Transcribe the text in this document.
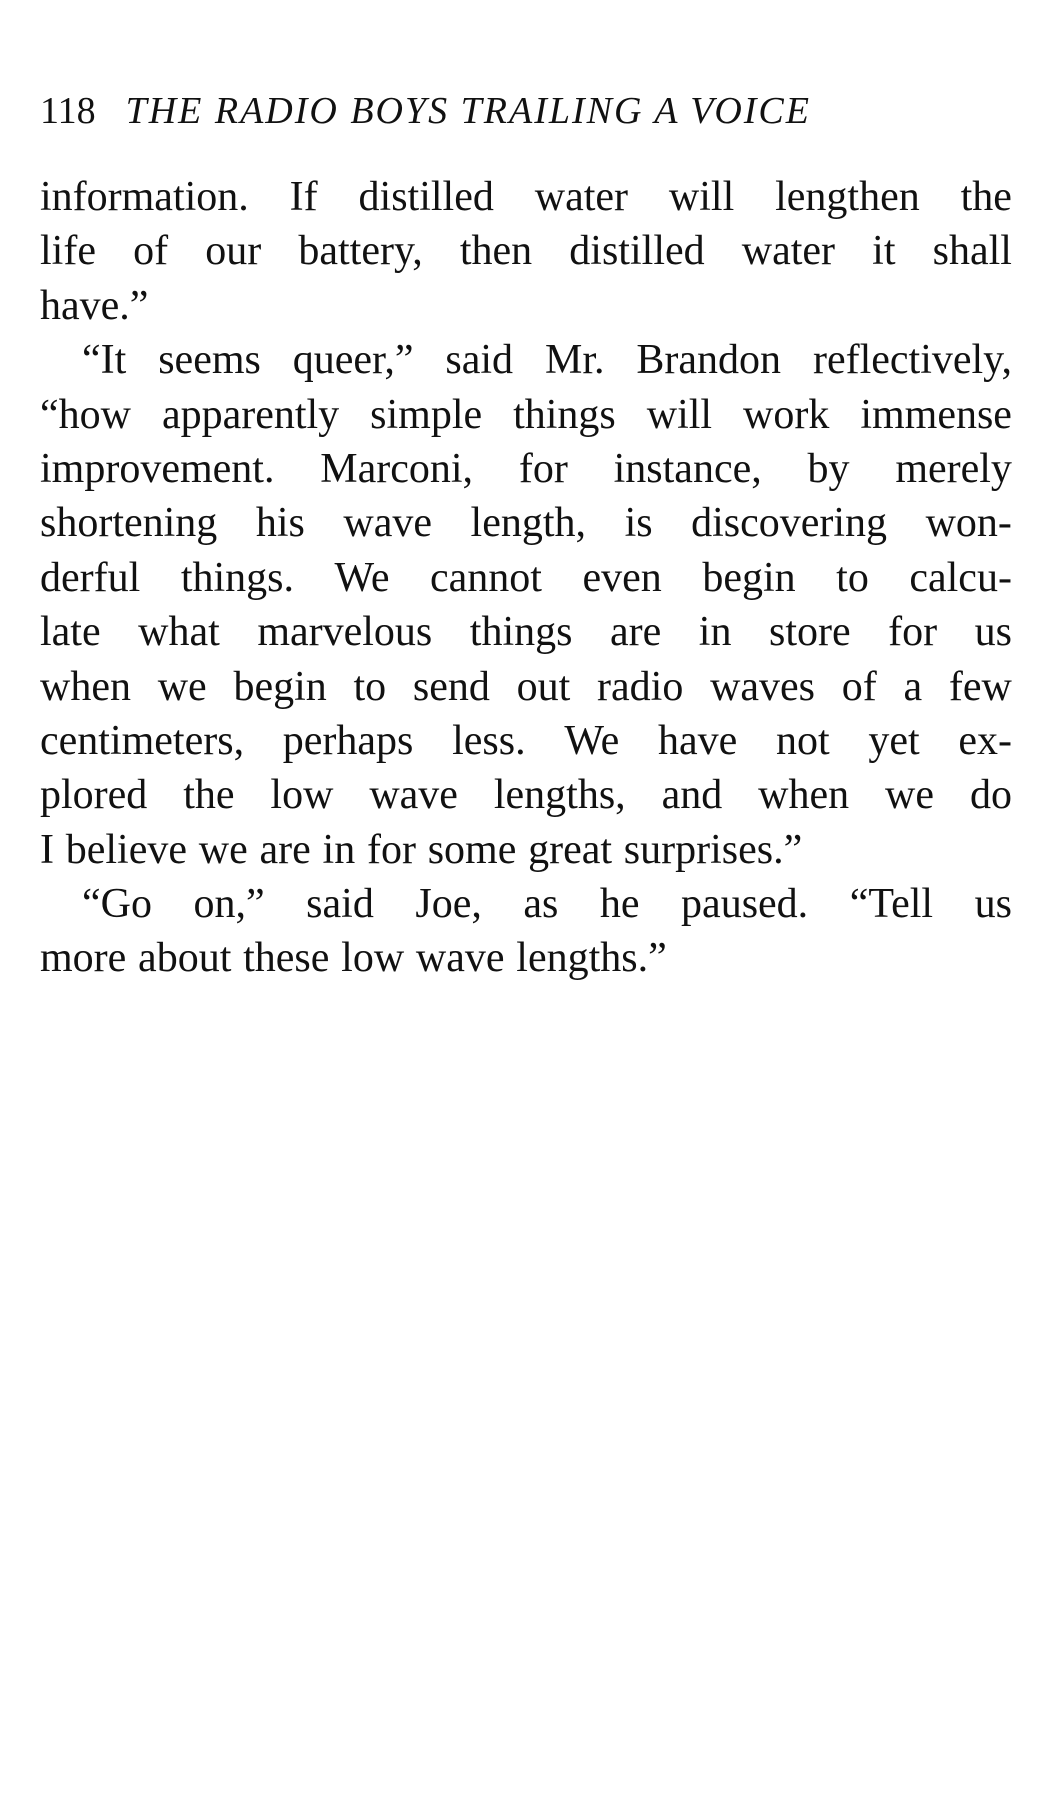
118 THE RADIO BOYS TRAILING A VOICE
information. If distilled water will lengthen the
life of our battery, then distilled water it shall
have.”
“It seems queer,” said Mr. Brandon reflectively,
“how apparently simple things will work immense
improvement. Marconi, for instance, by merely
shortening his wave length, is discovering won-
derful things. We cannot even begin to calcu-
late what marvelous things are in store for us
when we begin to send out radio waves of a few
centimeters, perhaps less. We have not yet ex-
plored the low wave lengths, and when we do
I believe we are in for some great surprises.”
“Go on,” said Joe, as he paused. “Tell us
more about these low wave lengths.”
